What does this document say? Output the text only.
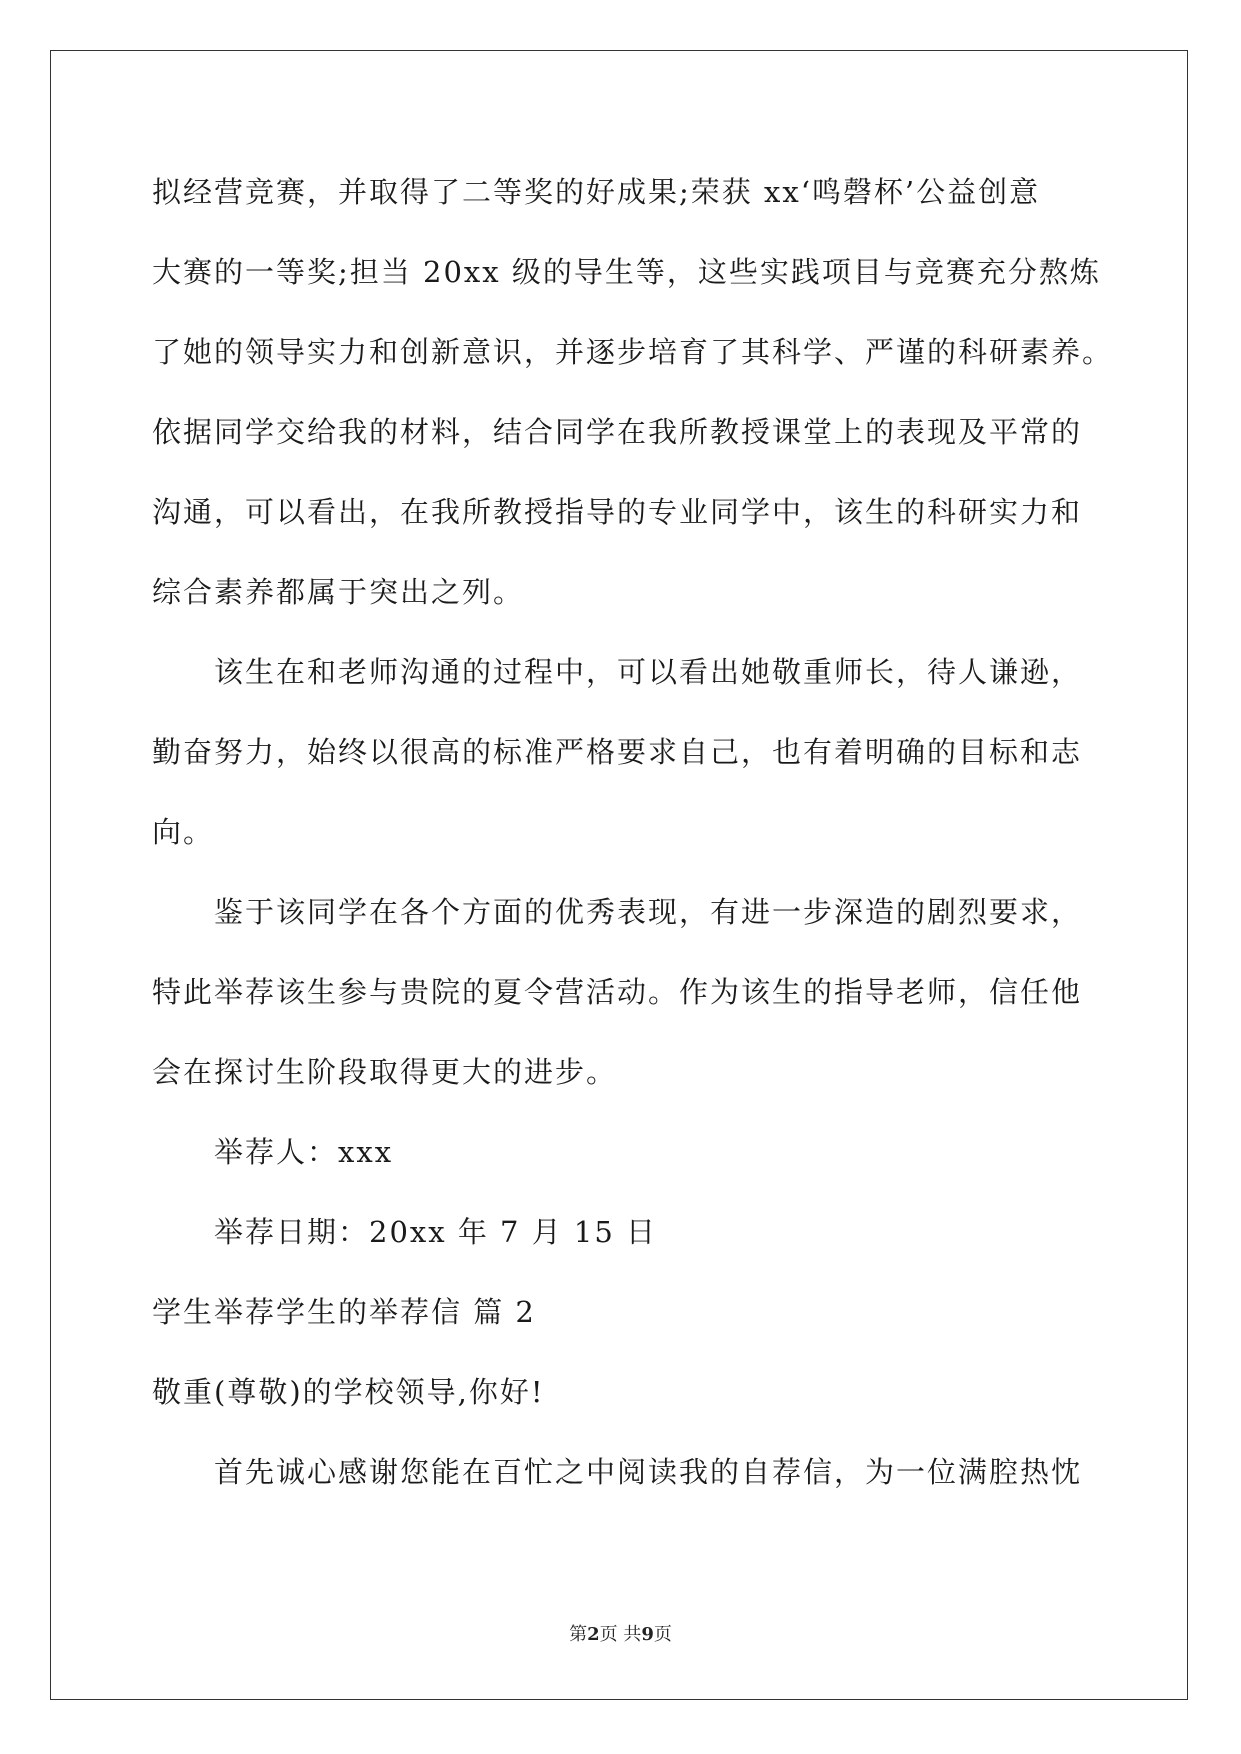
拟经营竞赛，并取得了二等奖的好成果;荣获 xx‘鸣磬杯’公益创意
大赛的一等奖;担当 20xx 级的导生等，这些实践项目与竞赛充分熬炼
了她的领导实力和创新意识，并逐步培育了其科学、严谨的科研素养。
依据同学交给我的材料，结合同学在我所教授课堂上的表现及平常的
沟通，可以看出，在我所教授指导的专业同学中，该生的科研实力和
综合素养都属于突出之列。
该生在和老师沟通的过程中，可以看出她敬重师长，待人谦逊，
勤奋努力，始终以很高的标准严格要求自己，也有着明确的目标和志
向。
鉴于该同学在各个方面的优秀表现，有进一步深造的剧烈要求，
特此举荐该生参与贵院的夏令营活动。作为该生的指导老师，信任他
会在探讨生阶段取得更大的进步。
举荐人：xxx
举荐日期：20xx 年 7 月 15 日
学生举荐学生的举荐信 篇 2
敬重(尊敬)的学校领导,你好!
首先诚心感谢您能在百忙之中阅读我的自荐信，为一位满腔热忱
第2页 共9页
